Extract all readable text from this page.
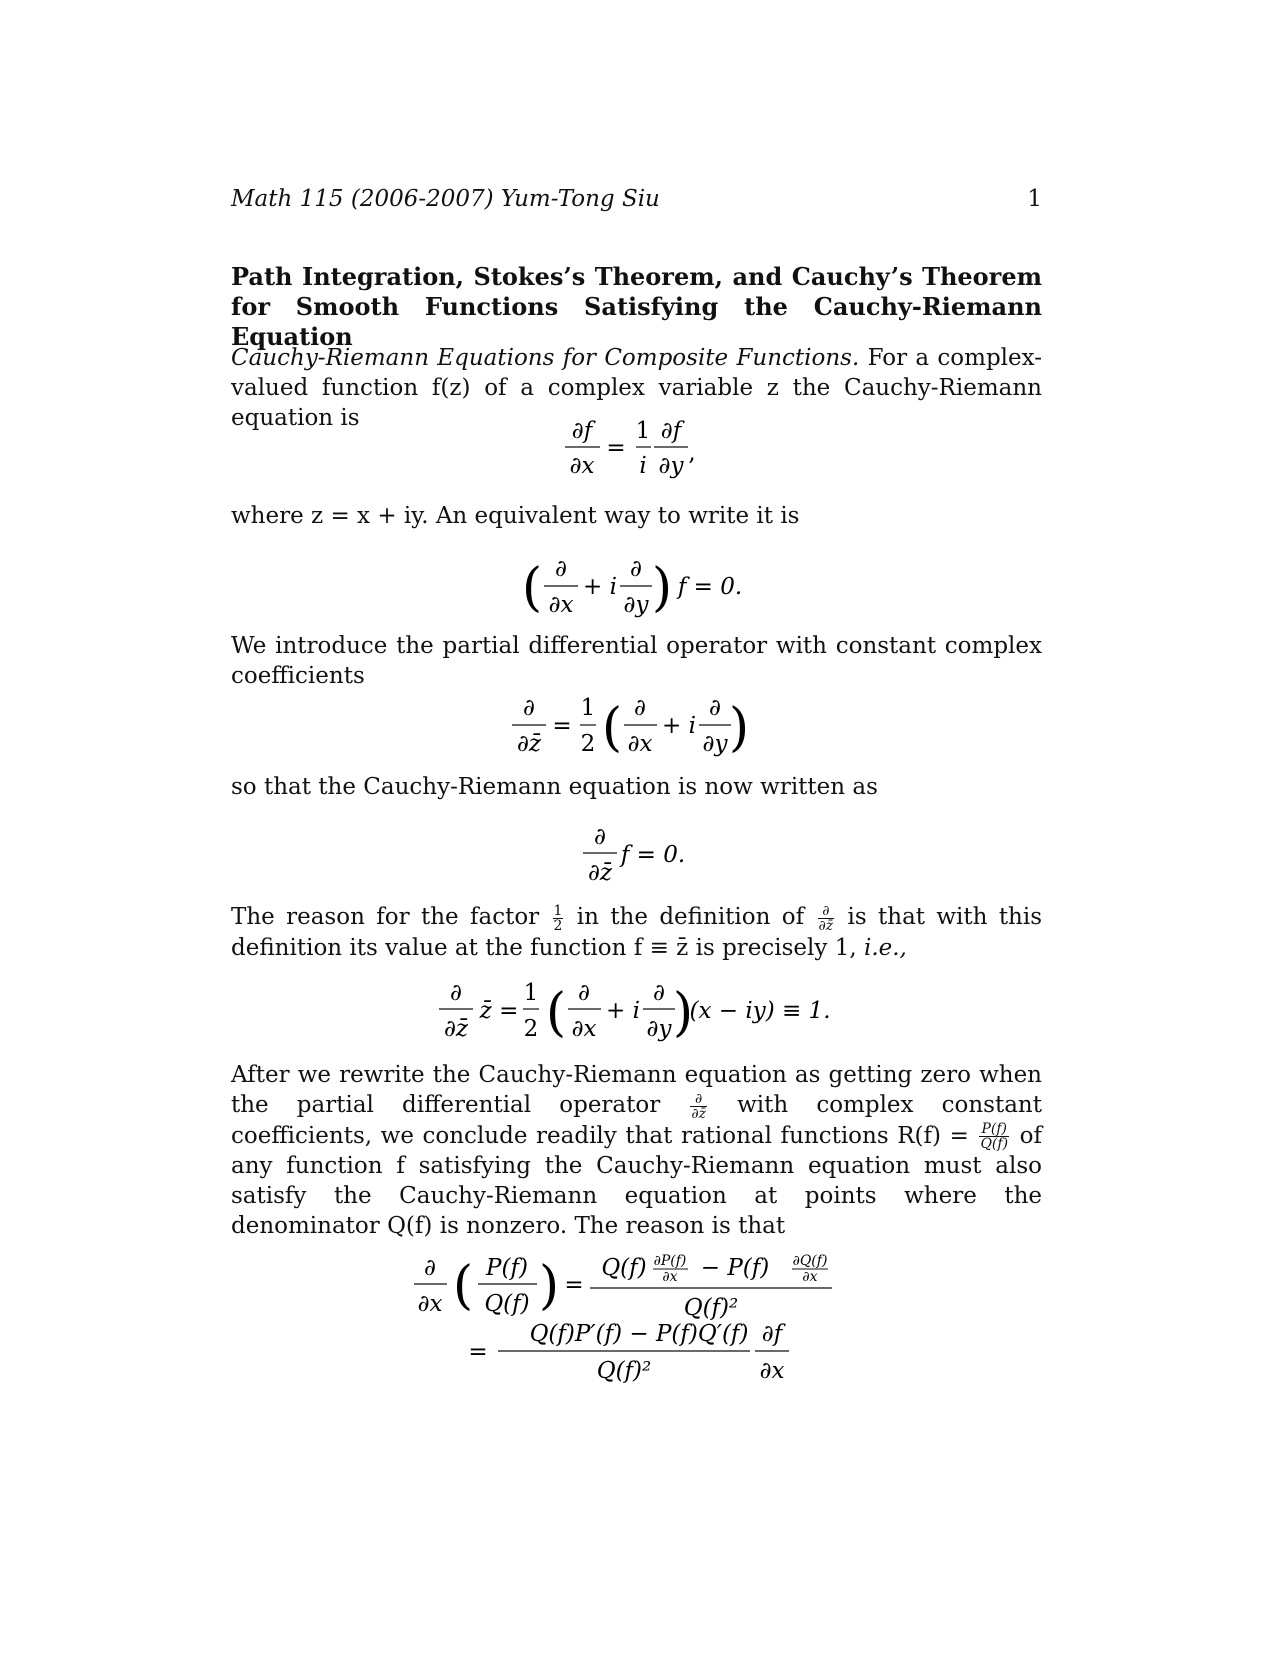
Math 115 (2006-2007) Yum-Tong Siu	1
Path Integration, Stokes’s Theorem, and Cauchy’s Theorem for Smooth Functions Satisfying the Cauchy-Riemann Equation
Cauchy-Riemann Equations for Composite Functions. For a complex-valued function f(z) of a complex variable z the Cauchy-Riemann equation is	∂f
∂x
=
1
i
∂f
∂y ,
where z = x + iy. An equivalent way to write it is
( ∂
∂x
+ i
∂
∂y ) f = 0.
We introduce the partial differential operator with constant complex coefficients
∂
∂z̄
=
1
2 ( ∂
∂x
+ i
∂
∂y )
so that the Cauchy-Riemann equation is now written as
∂
∂z̄
f = 0.
The reason for the factor $\frac{1}{2}$ in the definition of $\frac{\partial}{\partial z̄}$ is that with this definition its value at the function f ≡ z̄ is precisely 1, i.e.,
∂
∂z̄
z̄ =
1
2 ( ∂
∂x
+ i
∂
∂y )
(x − iy) ≡ 1.
After we rewrite the Cauchy-Riemann equation as getting zero when the partial differential operator $\frac{\partial}{\partial z̄}$ with complex constant coefficients, we conclude readily that rational functions $R(f) = \frac{P(f)}{Q(f)}$ of any function f satisfying the Cauchy-Riemann equation must also satisfy the Cauchy-Riemann equation at points where the denominator Q(f) is nonzero. The reason is that
∂
∂x ( P(f)
Q(f) ) =
Q(f) ∂P(f)
∂x − P(f) ∂Q(f)
∂x
Q(f)²
=
Q(f)P′(f) − P(f)Q′(f)
Q(f)²
∂f
∂x
